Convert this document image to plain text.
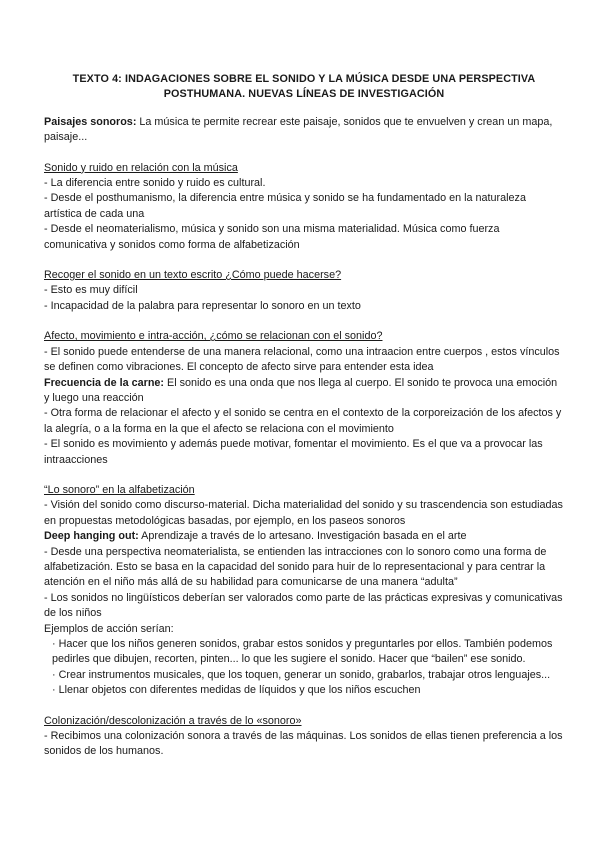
TEXTO 4: INDAGACIONES SOBRE EL SONIDO Y LA MÚSICA DESDE UNA PERSPECTIVA
POSTHUMANA. NUEVAS LÍNEAS DE INVESTIGACIÓN

Paisajes sonoros: La música te permite recrear este paisaje, sonidos que te envuelven y crean un mapa, paisaje...

Sonido y ruido en relación con la música

- La diferencia entre sonido y ruido es cultural.

- Desde el posthumanismo, la diferencia entre música y sonido se ha fundamentado en la naturaleza artística de cada una

- Desde el neomaterialismo, música y sonido son una misma materialidad. Música como fuerza comunicativa y sonidos como forma de alfabetización

Recoger el sonido en un texto escrito ¿Cómo puede hacerse?

- Esto es muy difícil

- Incapacidad de la palabra para representar lo sonoro en un texto

Afecto, movimiento e intra-acción, ¿cómo se relacionan con el sonido?

- El sonido puede entenderse de una manera relacional, como una intraacion entre cuerpos , estos vínculos se definen como vibraciones. El concepto de afecto sirve para entender esta idea

Frecuencia de la carne: El sonido es una onda que nos llega al cuerpo. El sonido te provoca una emoción y luego una reacción

- Otra forma de relacionar el afecto y el sonido se centra en el contexto de la corporeización de los afectos y la alegría, o a la forma en la que el afecto se relaciona con el movimiento

- El sonido es movimiento y además puede motivar, fomentar el movimiento. Es el que va a provocar las intraacciones

“Lo sonoro” en la alfabetización

- Visión del sonido como discurso-material. Dicha materialidad del sonido y su trascendencia son estudiadas en propuestas metodológicas basadas, por ejemplo, en los paseos sonoros

Deep hanging out: Aprendizaje a través de lo artesano. Investigación basada en el arte

- Desde una perspectiva neomaterialista, se entienden las intracciones con lo sonoro como una forma de alfabetización. Esto se basa en la capacidad del sonido para huir de lo representacional y para centrar la atención en el niño más allá de su habilidad para comunicarse de una manera “adulta”

- Los sonidos no lingüísticos deberían ser valorados como parte de las prácticas expresivas y comunicativas de los niños

Ejemplos de acción serían:

· Hacer que los niños generen sonidos, grabar estos sonidos y preguntarles por ellos. También podemos pedirles que dibujen, recorten, pinten... lo que les sugiere el sonido. Hacer que “bailen” ese sonido.

· Crear instrumentos musicales, que los toquen, generar un sonido, grabarlos, trabajar otros lenguajes...

· Llenar objetos con diferentes medidas de líquidos y que los niños escuchen

Colonización/descolonización a través de lo «sonoro»

- Recibimos una colonización sonora a través de las máquinas. Los sonidos de ellas tienen preferencia a los sonidos de los humanos.
